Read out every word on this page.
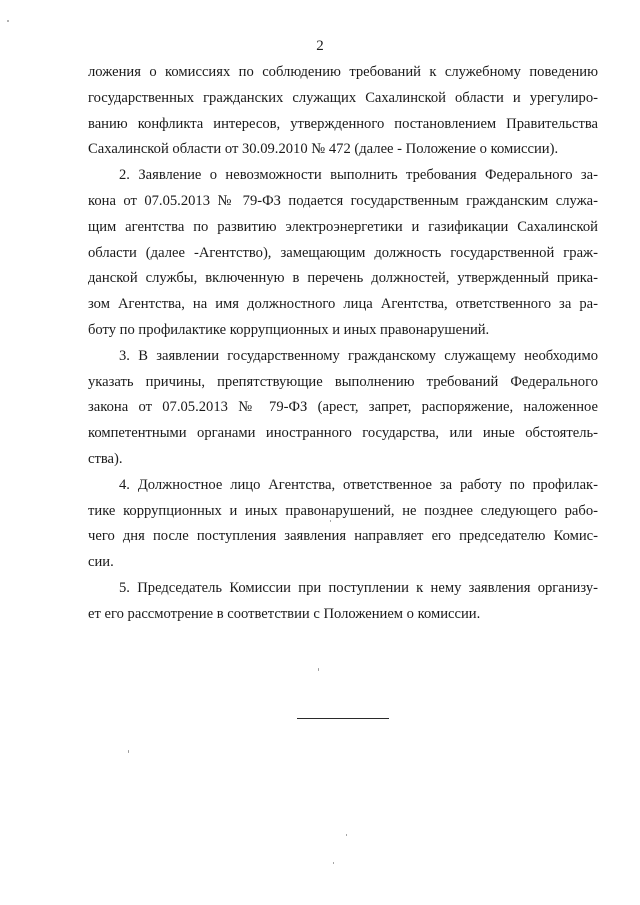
2
ложения о комиссиях по соблюдению требований к служебному поведению
государственных гражданских служащих Сахалинской области и урегулиро-
ванию конфликта интересов, утвержденного постановлением Правительства
Сахалинской области от 30.09.2010 № 472 (далее - Положение о комиссии).
2. Заявление о невозможности выполнить требования Федерального за-
кона от 07.05.2013 № 79-ФЗ подается государственным гражданским служа-
щим агентства по развитию электроэнергетики и газификации Сахалинской
области (далее -Агентство), замещающим должность государственной граж-
данской службы, включенную в перечень должностей, утвержденный прика-
зом Агентства, на имя должностного лица Агентства, ответственного за ра-
боту по профилактике коррупционных и иных правонарушений.
3. В заявлении государственному гражданскому служащему необходимо
указать причины, препятствующие выполнению требований Федерального
закона от 07.05.2013 № 79-ФЗ (арест, запрет, распоряжение, наложенное
компетентными органами иностранного государства, или иные обстоятель-
ства).
4. Должностное лицо Агентства, ответственное за работу по профилак-
тике коррупционных и иных правонарушений, не позднее следующего рабо-
чего дня после поступления заявления направляет его председателю Комис-
сии.
5. Председатель Комиссии при поступлении к нему заявления организу-
ет его рассмотрение в соответствии с Положением о комиссии.
